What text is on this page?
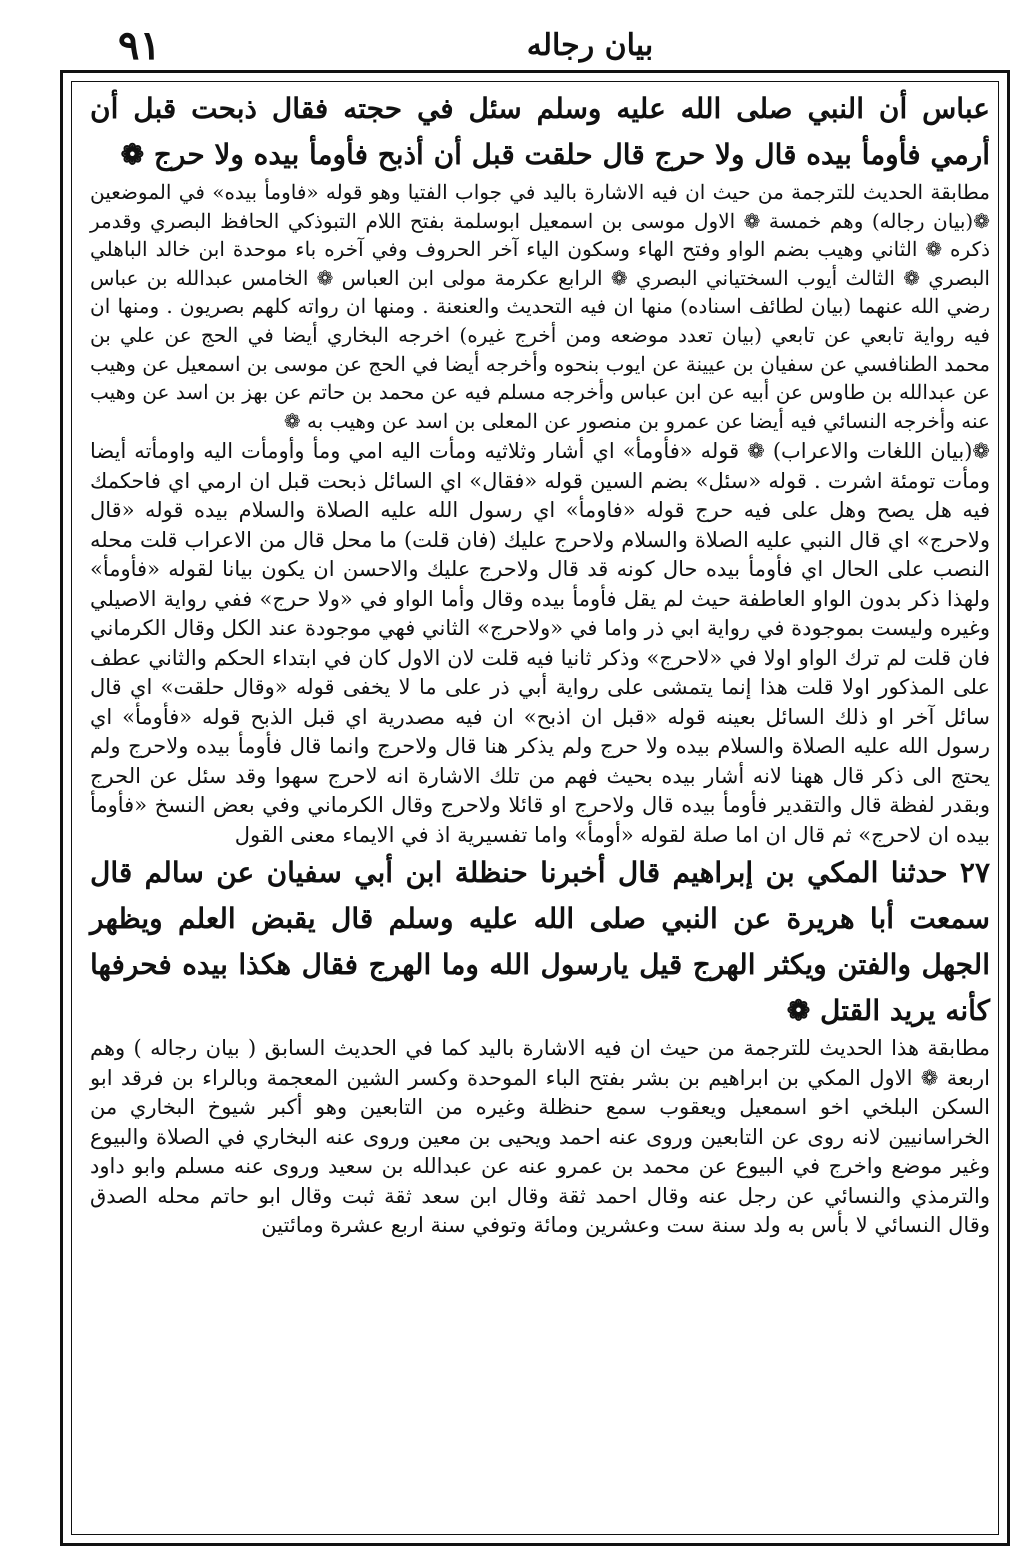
٩١	بيان رجاله

عباس أن النبي صلى الله عليه وسلم سئل في حجته فقال ذبحت قبل أن أرمي فأومأ بيده قال ولا حرج قال حلقت قبل أن أذبح فأومأ بيده ولا حرج ❁

مطابقة الحديث للترجمة من حيث ان فيه الاشارة باليد في جواب الفتيا وهو قوله «فاومأ بيده» في الموضعين ❁(بيان رجاله) وهم خمسة ❁ الاول موسى بن اسمعيل ابوسلمة بفتح اللام التبوذكي الحافظ البصري وقدمر ذكره ❁ الثاني وهيب بضم الواو وفتح الهاء وسكون الياء آخر الحروف وفي آخره باء موحدة ابن خالد الباهلي البصري ❁ الثالث أيوب السختياني البصري ❁ الرابع عكرمة مولى ابن العباس ❁ الخامس عبدالله بن عباس رضي الله عنهما (بيان لطائف اسناده) منها ان فيه التحديث والعنعنة . ومنها ان رواته كلهم بصريون . ومنها ان فيه رواية تابعي عن تابعي (بيان تعدد موضعه ومن أخرج غيره) اخرجه البخاري أيضا في الحج عن علي بن محمد الطنافسي عن سفيان بن عيينة عن ايوب بنحوه وأخرجه أيضا في الحج عن موسى بن اسمعيل عن وهيب عن عبدالله بن طاوس عن أبيه عن ابن عباس وأخرجه مسلم فيه عن محمد بن حاتم عن بهز بن اسد عن وهيب عنه وأخرجه النسائي فيه أيضا عن عمرو بن منصور عن المعلى بن اسد عن وهيب به ❁

❁(بيان اللغات والاعراب) ❁ قوله «فأومأ» اي أشار وثلاثيه ومأت اليه امي ومأ وأومأت اليه واومأته أيضا ومأت تومئة اشرت . قوله «سئل» بضم السين قوله «فقال» اي السائل ذبحت قبل ان ارمي اي فاحكمك فيه هل يصح وهل على فيه حرج قوله «فاومأ» اي رسول الله عليه الصلاة والسلام بيده قوله «قال ولاحرج» اي قال النبي عليه الصلاة والسلام ولاحرج عليك (فان قلت) ما محل قال من الاعراب قلت محله النصب على الحال اي فأومأ بيده حال كونه قد قال ولاحرج عليك والاحسن ان يكون بيانا لقوله «فأومأ» ولهذا ذكر بدون الواو العاطفة حيث لم يقل فأومأ بيده وقال وأما الواو في «ولا حرج» ففي رواية الاصيلي وغيره وليست بموجودة في رواية ابي ذر واما في «ولاحرج» الثاني فهي موجودة عند الكل وقال الكرماني فان قلت لم ترك الواو اولا في «لاحرج» وذكر ثانيا فيه قلت لان الاول كان في ابتداء الحكم والثاني عطف على المذكور اولا قلت هذا إنما يتمشى على رواية أبي ذر على ما لا يخفى قوله «وقال حلقت» اي قال سائل آخر او ذلك السائل بعينه قوله «قبل ان اذبح» ان فيه مصدرية اي قبل الذبح قوله «فأومأ» اي رسول الله عليه الصلاة والسلام بيده ولا حرج ولم يذكر هنا قال ولاحرج وانما قال فأومأ بيده ولاحرج ولم يحتج الى ذكر قال ههنا لانه أشار بيده بحيث فهم من تلك الاشارة انه لاحرج سهوا وقد سئل عن الحرج وبقدر لفظة قال والتقدير فأومأ بيده قال ولاحرج او قائلا ولاحرج وقال الكرماني وفي بعض النسخ «فأومأ بيده ان لاحرج» ثم قال ان اما صلة لقوله «أومأ» واما تفسيرية اذ في الايماء معنى القول

٢٧ حدثنا المكي بن إبراهيم قال أخبرنا حنظلة ابن أبي سفيان عن سالم قال سمعت أبا هريرة عن النبي صلى الله عليه وسلم قال يقبض العلم ويظهر الجهل والفتن ويكثر الهرج قيل يارسول الله وما الهرج فقال هكذا بيده فحرفها كأنه يريد القتل ❁

مطابقة هذا الحديث للترجمة من حيث ان فيه الاشارة باليد كما في الحديث السابق ( بيان رجاله ) وهم اربعة ❁ الاول المكي بن ابراهيم بن بشر بفتح الباء الموحدة وكسر الشين المعجمة وبالراء بن فرقد ابو السكن البلخي اخو اسمعيل ويعقوب سمع حنظلة وغيره من التابعين وهو أكبر شيوخ البخاري من الخراسانيين لانه روى عن التابعين وروى عنه احمد ويحيى بن معين وروى عنه البخاري في الصلاة والبيوع وغير موضع واخرج في البيوع عن محمد بن عمرو عنه عن عبدالله بن سعيد وروى عنه مسلم وابو داود والترمذي والنسائي عن رجل عنه وقال احمد ثقة وقال ابن سعد ثقة ثبت وقال ابو حاتم محله الصدق وقال النسائي لا بأس به ولد سنة ست وعشرين ومائة وتوفي سنة اربع عشرة ومائتين
